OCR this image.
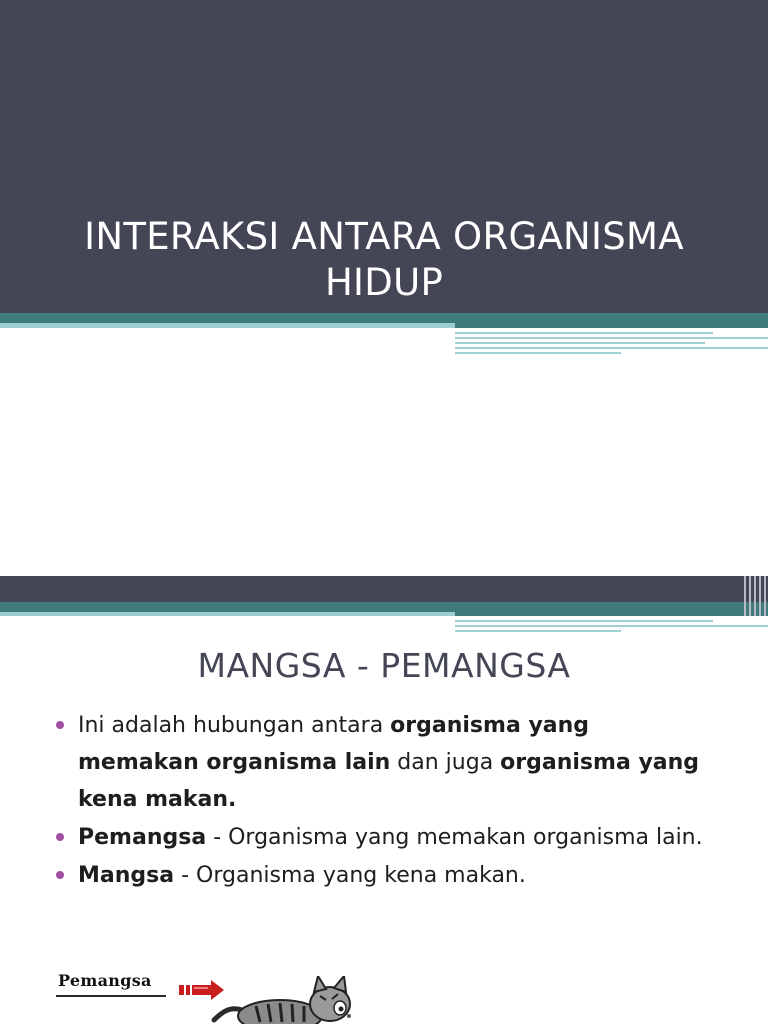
INTERAKSI ANTARA ORGANISMA HIDUP
MANGSA - PEMANGSA
Ini adalah hubungan antara organisma yang memakan organisma lain dan juga organisma yang kena makan.
Pemangsa - Organisma yang memakan organisma lain.
Mangsa - Organisma yang kena makan.
Pemangsa
